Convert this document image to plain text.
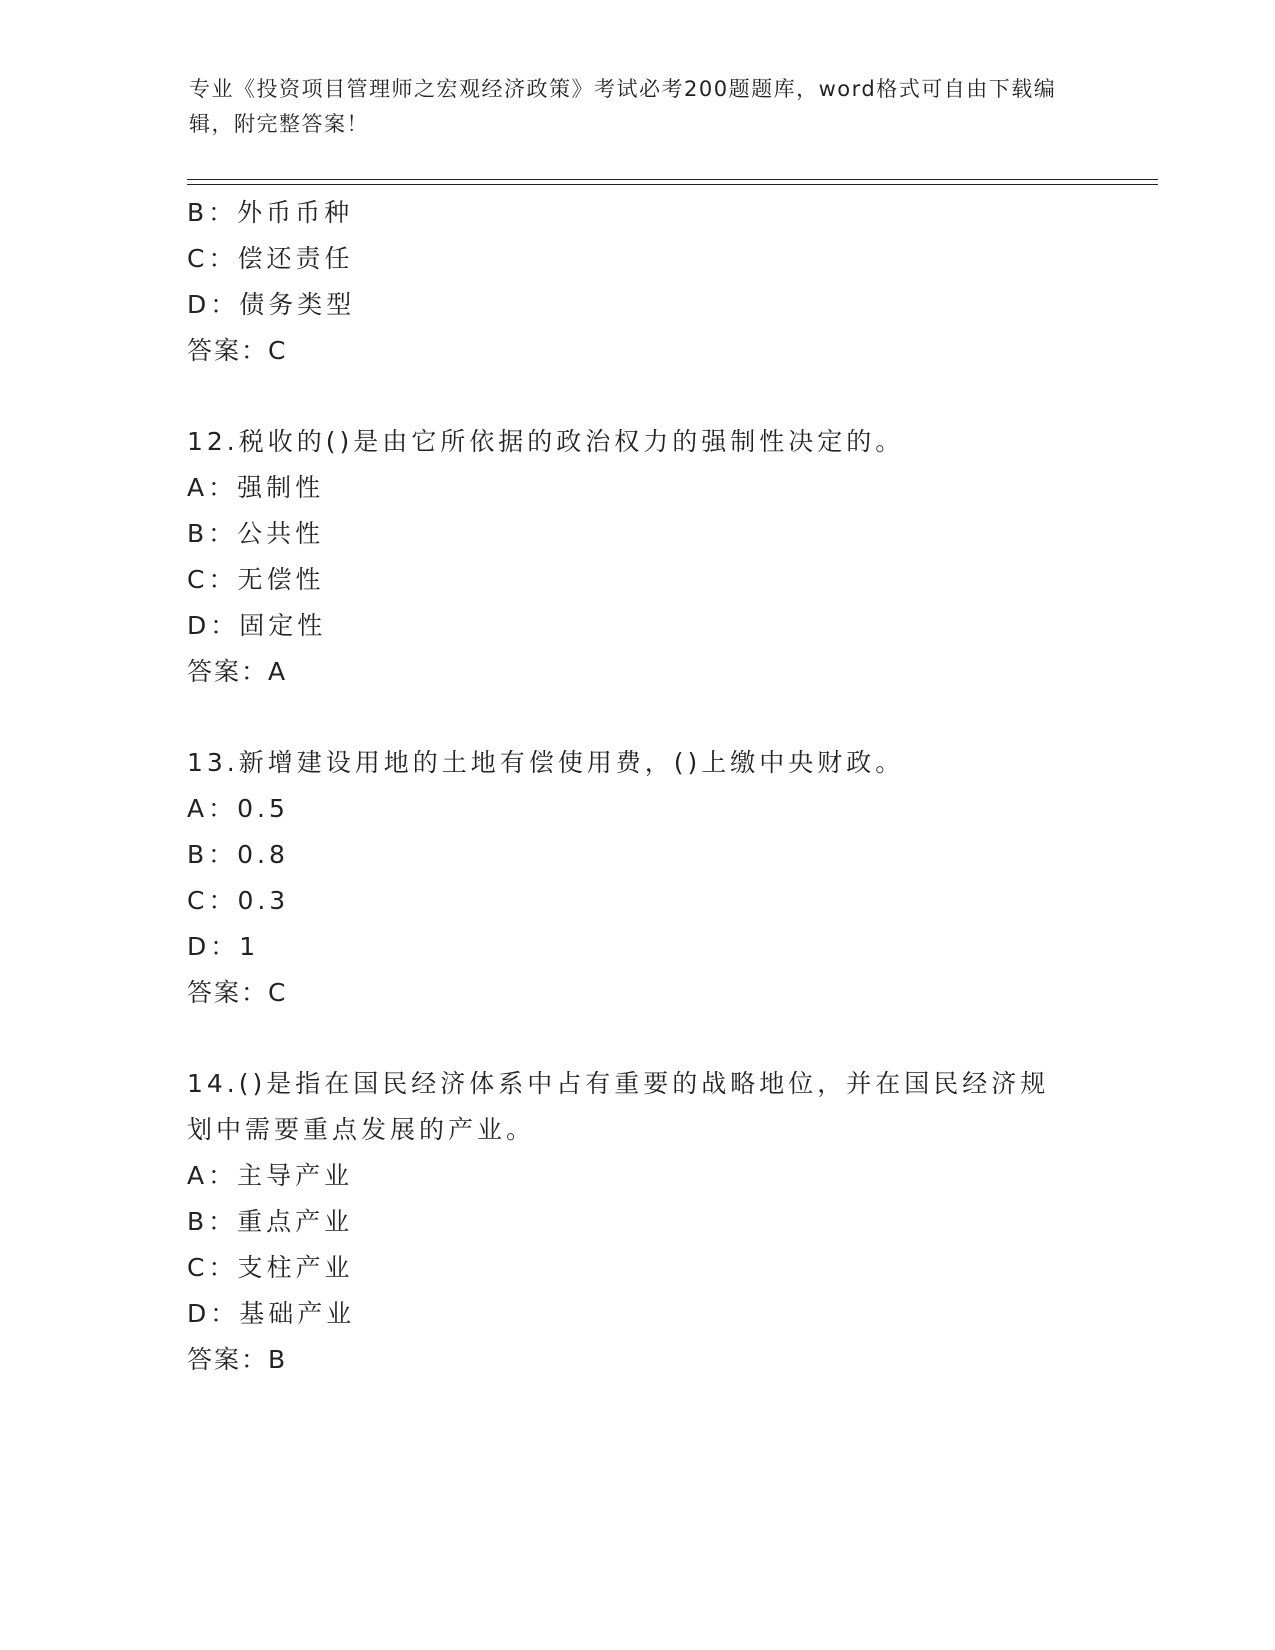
专业《投资项目管理师之宏观经济政策》考试必考200题题库，word格式可自由下载编辑，附完整答案！
B：外币币种
C：偿还责任
D：债务类型
答案：C
12.税收的()是由它所依据的政治权力的强制性决定的。
A：强制性
B：公共性
C：无偿性
D：固定性
答案：A
13.新增建设用地的土地有偿使用费，()上缴中央财政。
A：0.5
B：0.8
C：0.3
D：1
答案：C
14.()是指在国民经济体系中占有重要的战略地位，并在国民经济规划中需要重点发展的产业。
A：主导产业
B：重点产业
C：支柱产业
D：基础产业
答案：B
